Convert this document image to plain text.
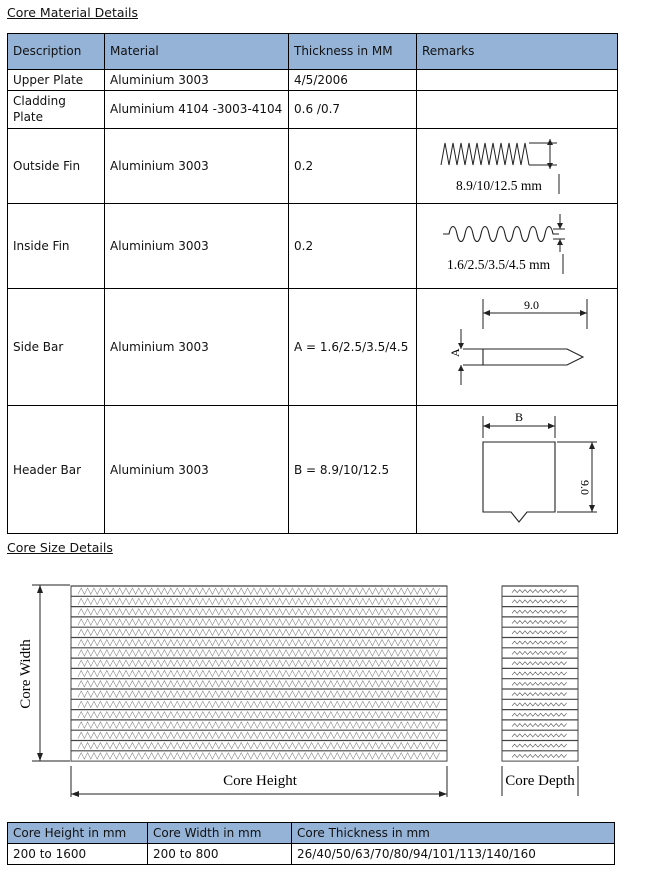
Core Material Details
Description	Material	Thickness in MM	Remarks
Upper Plate	Aluminium 3003	4/5/2006	
Cladding Plate	Aluminium 4104 -3003-4104	0.6 /0.7	
Outside Fin	Aluminium 3003	0.2	8.9/10/12.5 mm

Inside Fin	Aluminium 3003	0.2	1.6/2.5/3.5/4.5 mm

Side Bar	Aluminium 3003	A = 1.6/2.5/3.5/4.5	9.0
A

Header Bar	Aluminium 3003	B = 8.9/10/12.5	B
9.0
Core Size Details
Core Width
Core Height	Core Depth
Core Height in mm	Core Width in mm	Core Thickness in mm
200 to 1600	200 to 800	26/40/50/63/70/80/94/101/113/140/160
